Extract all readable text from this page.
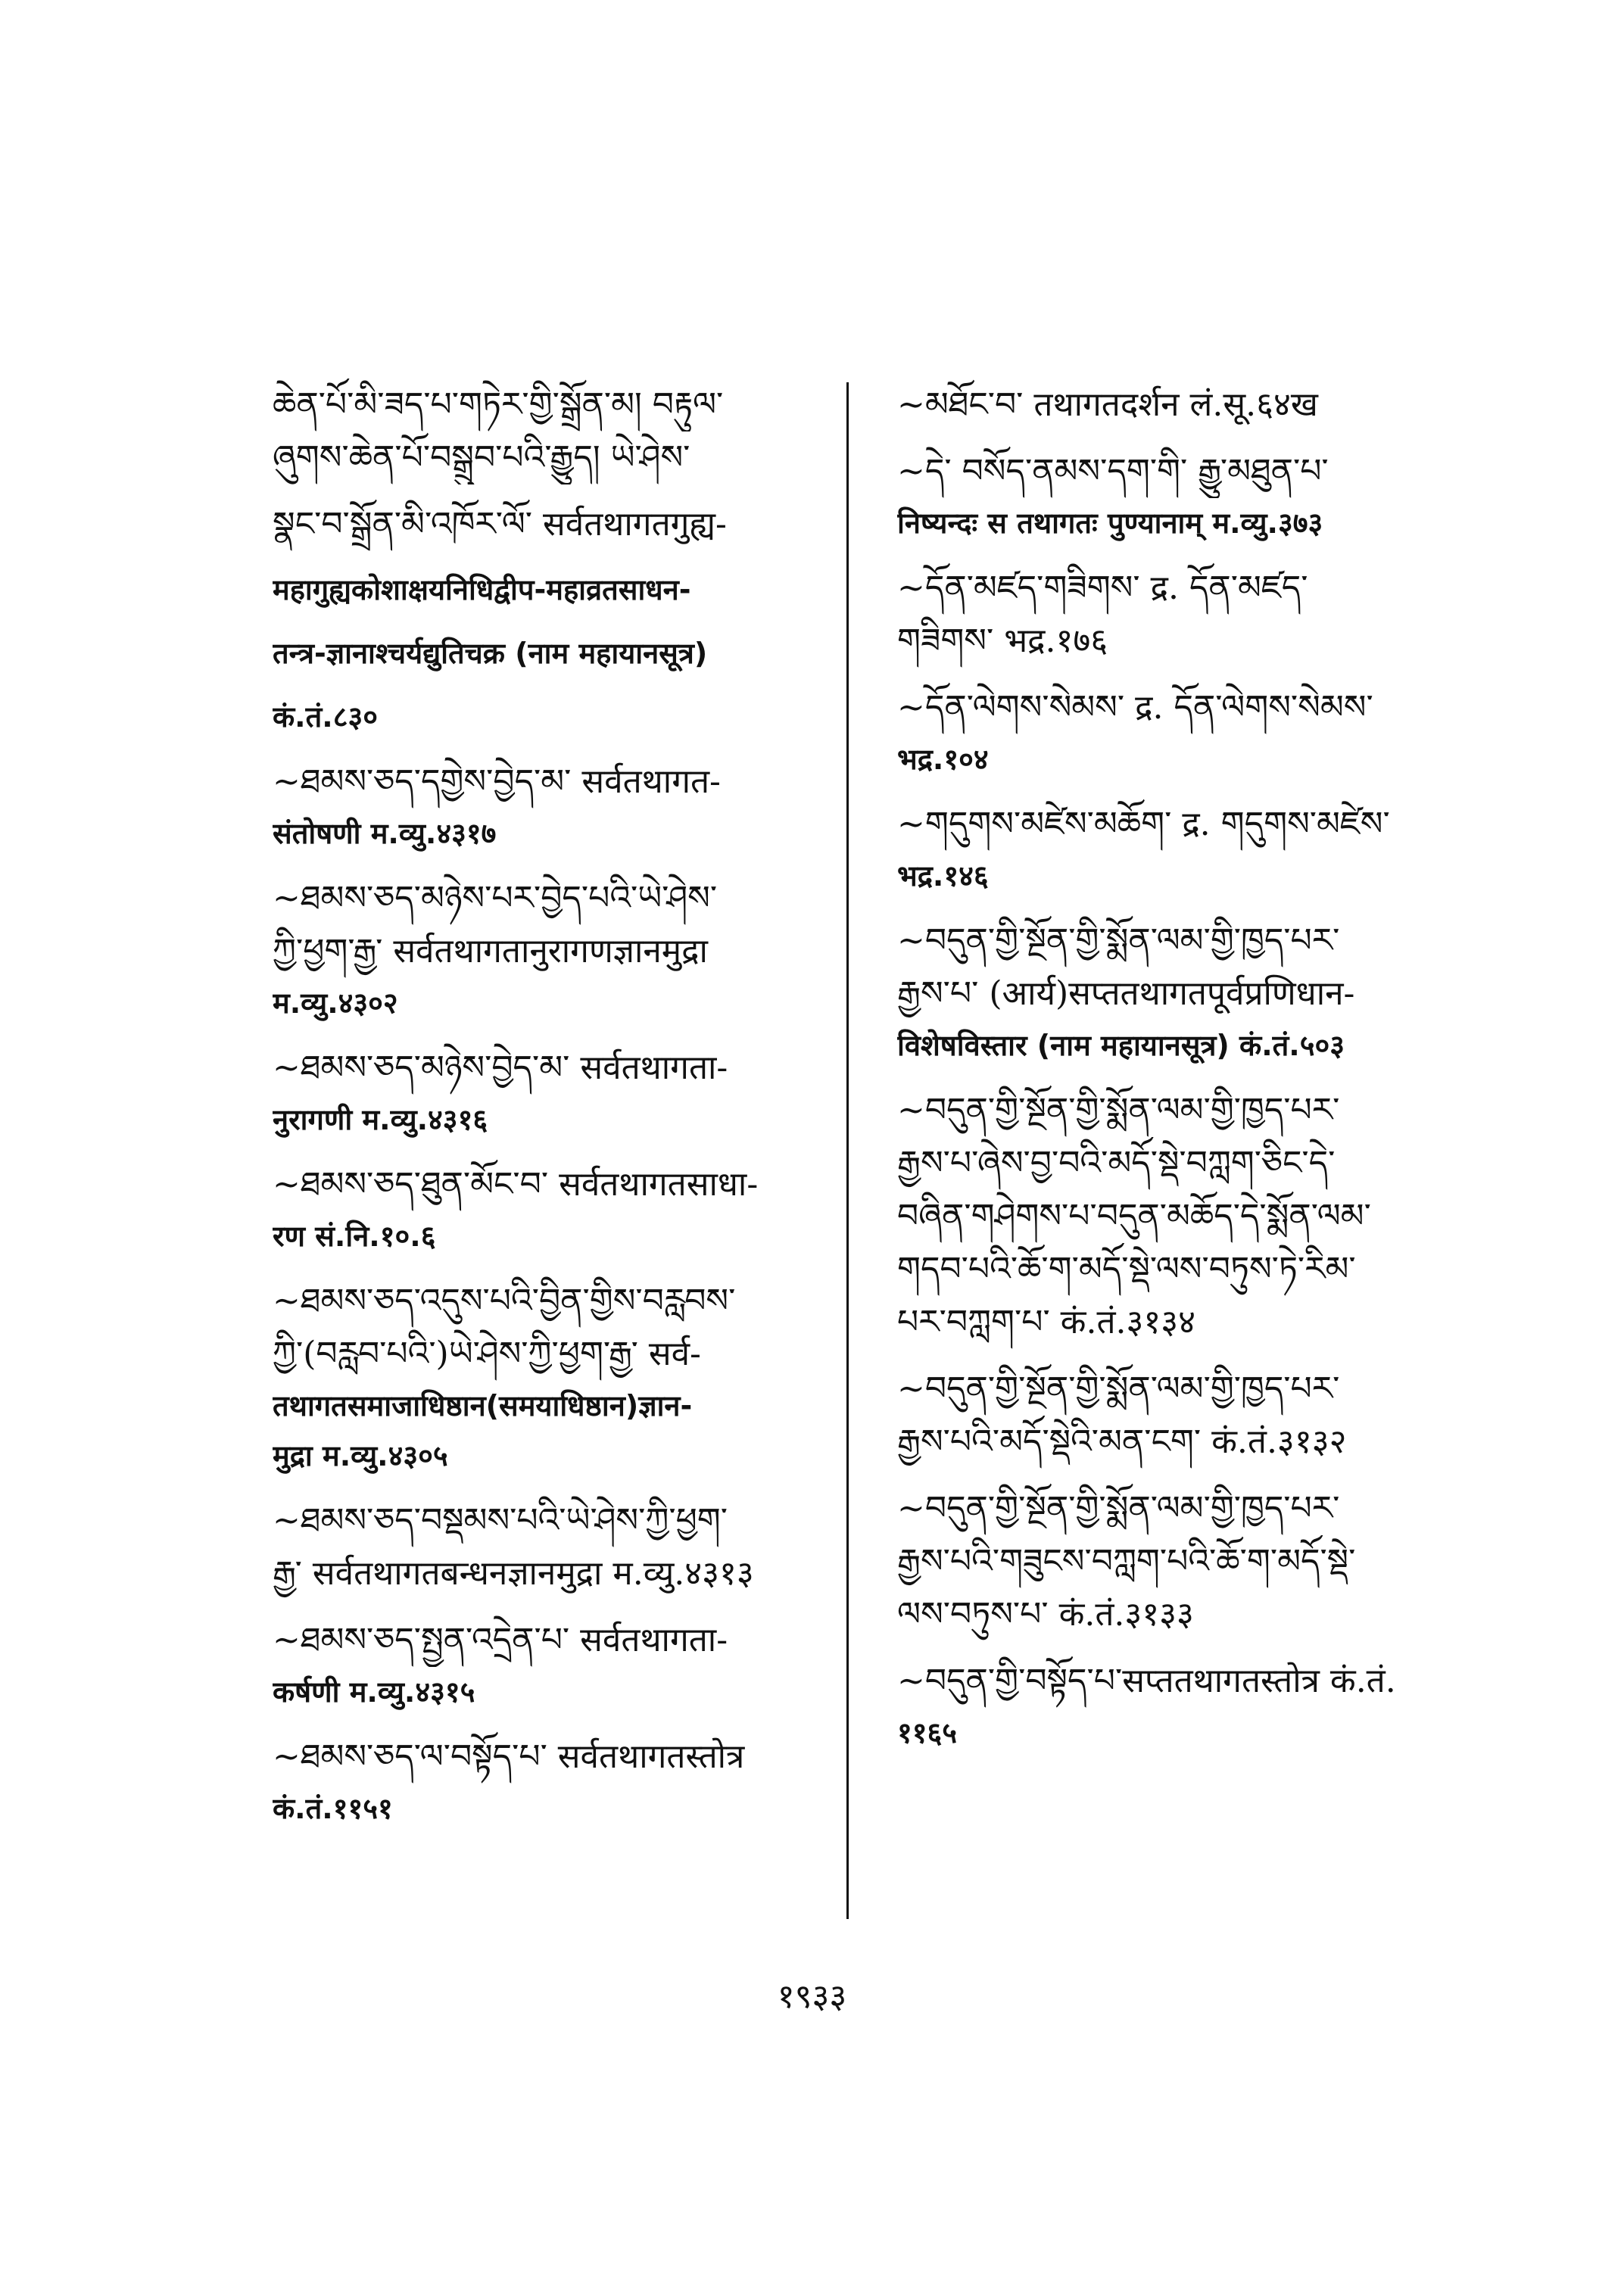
ཆེན་པོ་མི་ཟད་པ་གཏེར་གྱི་སྒྲོན་མ། བརྟུལ་
ཞུགས་ཆེན་པོ་བསྒྲུབ་པའི་རྒྱུད། ཡེ་ཤེས་
སྣང་བ་སྒྲོན་མི་འཁོར་ལོ་ सर्वतथागतगुह्य-
महागुह्यकोशाक्षयनिधिद्वीप-महाव्रतसाधन-
तन्त्र-ज्ञानाश्चर्यद्युतिचक्र (नाम महायानसूत्र)
कं.तं.८३०
~ཐམས་ཅད་དགྱེས་བྱེད་མ་ सर्वतथागत-
संतोषणी म.व्यु.४३१७
~ཐམས་ཅད་མཉེས་པར་བྱེད་པའི་ཡེ་ཤེས་
ཀྱི་ཕྱག་རྒྱ་ सर्वतथागतानुरागणज्ञानमुद्रा
म.व्यु.४३०२
~ཐམས་ཅད་མཉེས་བྱེད་མ་ सर्वतथागता-
नुरागणी म.व्यु.४३१६
~ཐམས་ཅད་ཐུན་མོང་བ་ सर्वतथागतसाधा-
रण सं.नि.१०.६
~ཐམས་ཅད་འདུས་པའི་བྱིན་གྱིས་བརླབས་
ཀྱི་(བརླབ་པའི་)ཡེ་ཤེས་ཀྱི་ཕྱག་རྒྱ་ सर्व-
तथागतसमाजाधिष्ठान(समयाधिष्ठान)ज्ञान-
मुद्रा म.व्यु.४३०५
~ཐམས་ཅད་བསྡམས་པའི་ཡེ་ཤེས་ཀྱི་ཕྱག་
རྒྱ་ सर्वतथागतबन्धनज्ञानमुद्रा म.व्यु.४३१३
~ཐམས་ཅད་སྤྱན་འདྲེན་པ་ सर्वतथागता-
कर्षणी म.व्यु.४३१५
~ཐམས་ཅད་ལ་བསྟོད་པ་ सर्वतथागतस्तोत्र
कं.तं.११५१
~མཐོང་བ་ तथागतदर्शन लं.सू.६४ख
~དེ་ བསོད་ནམས་དག་གི་ རྒྱུ་མཐུན་པ་
निष्यन्दः स तथागतः पुण्यानाम् म.व्यु.३७३
~དོན་མཛད་གཟིགས་ द्र. དོན་མཛད་
གཟིགས་ भद्र.१७६
~དོན་ལེགས་སེམས་ द्र. དོན་ལེགས་སེམས་
भद्र.१०४
~གདུགས་མཛེས་མཆོག་ द्र. གདུགས་མཛེས་
भद्र.१४६
~བདུན་གྱི་སྔོན་གྱི་སྨོན་ལམ་གྱི་ཁྱད་པར་
རྒྱས་པ་ (आर्य)सप्ततथागतपूर्वप्रणिधान-
विशेषविस्तार (नाम महायानसूत्र) कं.तं.५०३
~བདུན་གྱི་སྔོན་གྱི་སྨོན་ལམ་གྱི་ཁྱད་པར་
རྒྱས་པ་ཞེས་བྱ་བའི་མདོ་སྡེ་བཀླག་ཅིང་དེ་
བཞིན་གཤེགས་པ་བདུན་མཆོད་དེ་སྨོན་ལམ་
གདབ་པའི་ཆོ་ག་མདོ་སྡེ་ལས་བཏུས་ཏེ་རིམ་
པར་བཀླག་པ་ कं.तं.३१३४
~བདུན་གྱི་སྔོན་གྱི་སྨོན་ལམ་གྱི་ཁྱད་པར་
རྒྱས་པའི་མདོ་སྡེའི་མན་ངག་ कं.तं.३१३२
~བདུན་གྱི་སྔོན་གྱི་སྨོན་ལམ་གྱི་ཁྱད་པར་
རྒྱས་པའི་གཟུངས་བཀླག་པའི་ཆོ་ག་མདོ་སྡེ་
ལས་བཏུས་པ་ कं.तं.३१३३
~བདུན་གྱི་བསྟོད་པ་सप्ततथागतस्तोत्र कं.तं.
११६५
१९३३
